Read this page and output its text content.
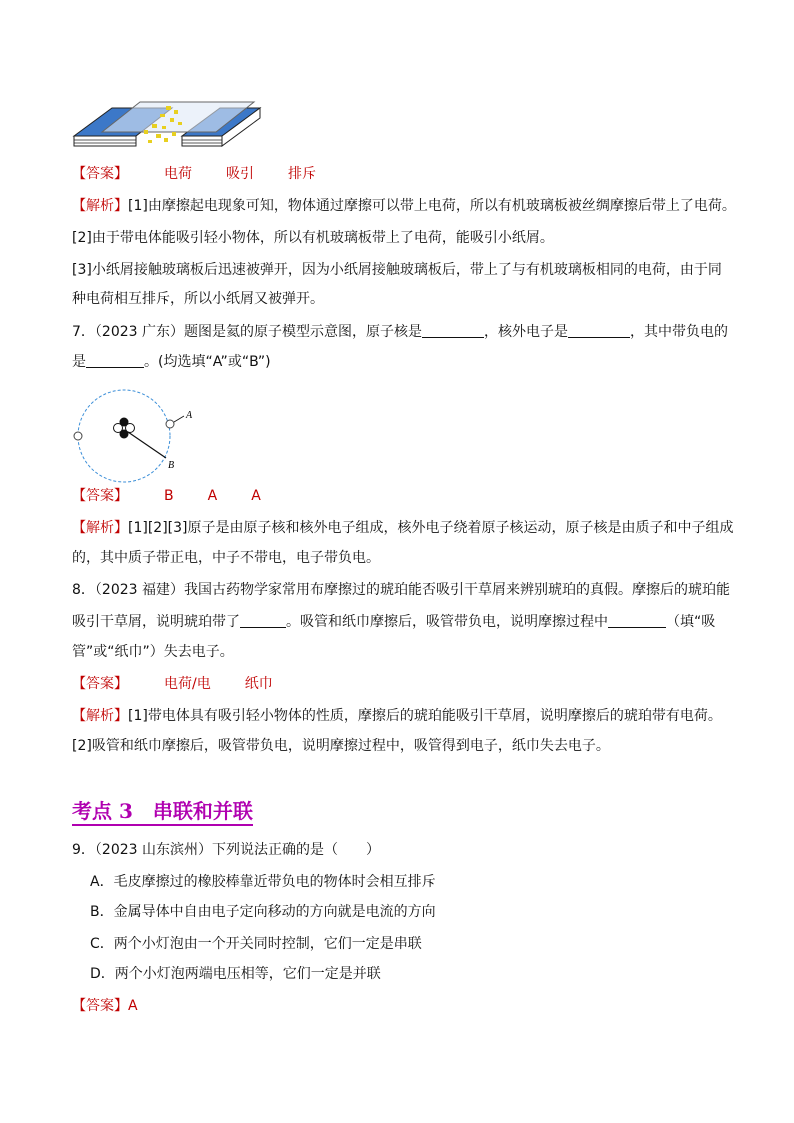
【答案】	电荷 吸引 排斥
【解析】[1]由摩擦起电现象可知，物体通过摩擦可以带上电荷，所以有机玻璃板被丝绸摩擦后带上了电荷。
[2]由于带电体能吸引轻小物体，所以有机玻璃板带上了电荷，能吸引小纸屑。
[3]小纸屑接触玻璃板后迅速被弹开，因为小纸屑接触玻璃板后，带上了与有机玻璃板相同的电荷，由于同
种电荷相互排斥，所以小纸屑又被弹开。
7．（2023 广东）题图是氦的原子模型示意图，原子核是	，核外电子是	，其中带负电的
是	。(均选填“A”或“B”)
A
B
【答案】	B A A
【解析】[1][2][3]原子是由原子核和核外电子组成，核外电子绕着原子核运动，原子核是由质子和中子组成
的，其中质子带正电，中子不带电，电子带负电。
8．（2023 福建）我国古药物学家常用布摩擦过的琥珀能否吸引干草屑来辨别琥珀的真假。摩擦后的琥珀能
吸引干草屑，说明琥珀带了	。吸管和纸巾摩擦后，吸管带负电，说明摩擦过程中	（填“吸
管”或“纸巾”）失去电子。
【答案】	电荷/电 纸巾
【解析】[1]带电体具有吸引轻小物体的性质，摩擦后的琥珀能吸引干草屑，说明摩擦后的琥珀带有电荷。
[2]吸管和纸巾摩擦后，吸管带负电，说明摩擦过程中，吸管得到电子，纸巾失去电子。
考点 3　串联和并联
9．（2023 山东滨州）下列说法正确的是（　　）
A．毛皮摩擦过的橡胶棒靠近带负电的物体时会相互排斥
B．金属导体中自由电子定向移动的方向就是电流的方向
C．两个小灯泡由一个开关同时控制，它们一定是串联
D．两个小灯泡两端电压相等，它们一定是并联
【答案】A
